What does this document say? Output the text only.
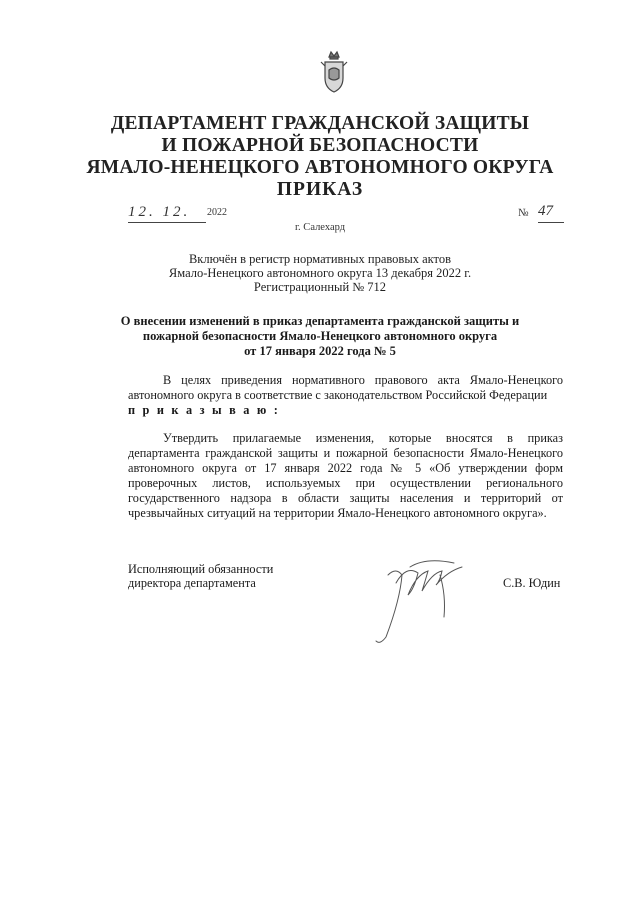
ДЕПАРТАМЕНТ ГРАЖДАНСКОЙ ЗАЩИТЫ
И ПОЖАРНОЙ БЕЗОПАСНОСТИ
ЯМАЛО-НЕНЕЦКОГО АВТОНОМНОГО ОКРУГА
ПРИКАЗ
12. 12. 2022	№ 47
г. Салехард
Включён в регистр нормативных правовых актов
Ямало-Ненецкого автономного округа 13 декабря 2022 г.
Регистрационный № 712
О внесении изменений в приказ департамента гражданской защиты и
пожарной безопасности Ямало-Ненецкого автономного округа
от 17 января 2022 года № 5
В целях приведения нормативного правового акта Ямало-Ненецкого
автономного округа в соответствие с законодательством Российской Федерации
п р и к а з ы в а ю :
Утвердить прилагаемые изменения, которые вносятся в приказ
департамента гражданской защиты и пожарной безопасности Ямало-Ненецкого
автономного округа от 17 января 2022 года № 5 «Об утверждении форм
проверочных листов, используемых при осуществлении регионального
государственного надзора в области защиты населения и территорий от
чрезвычайных ситуаций на территории Ямало-Ненецкого автономного округа».
Исполняющий обязанности
директора департамента	С.В. Юдин
